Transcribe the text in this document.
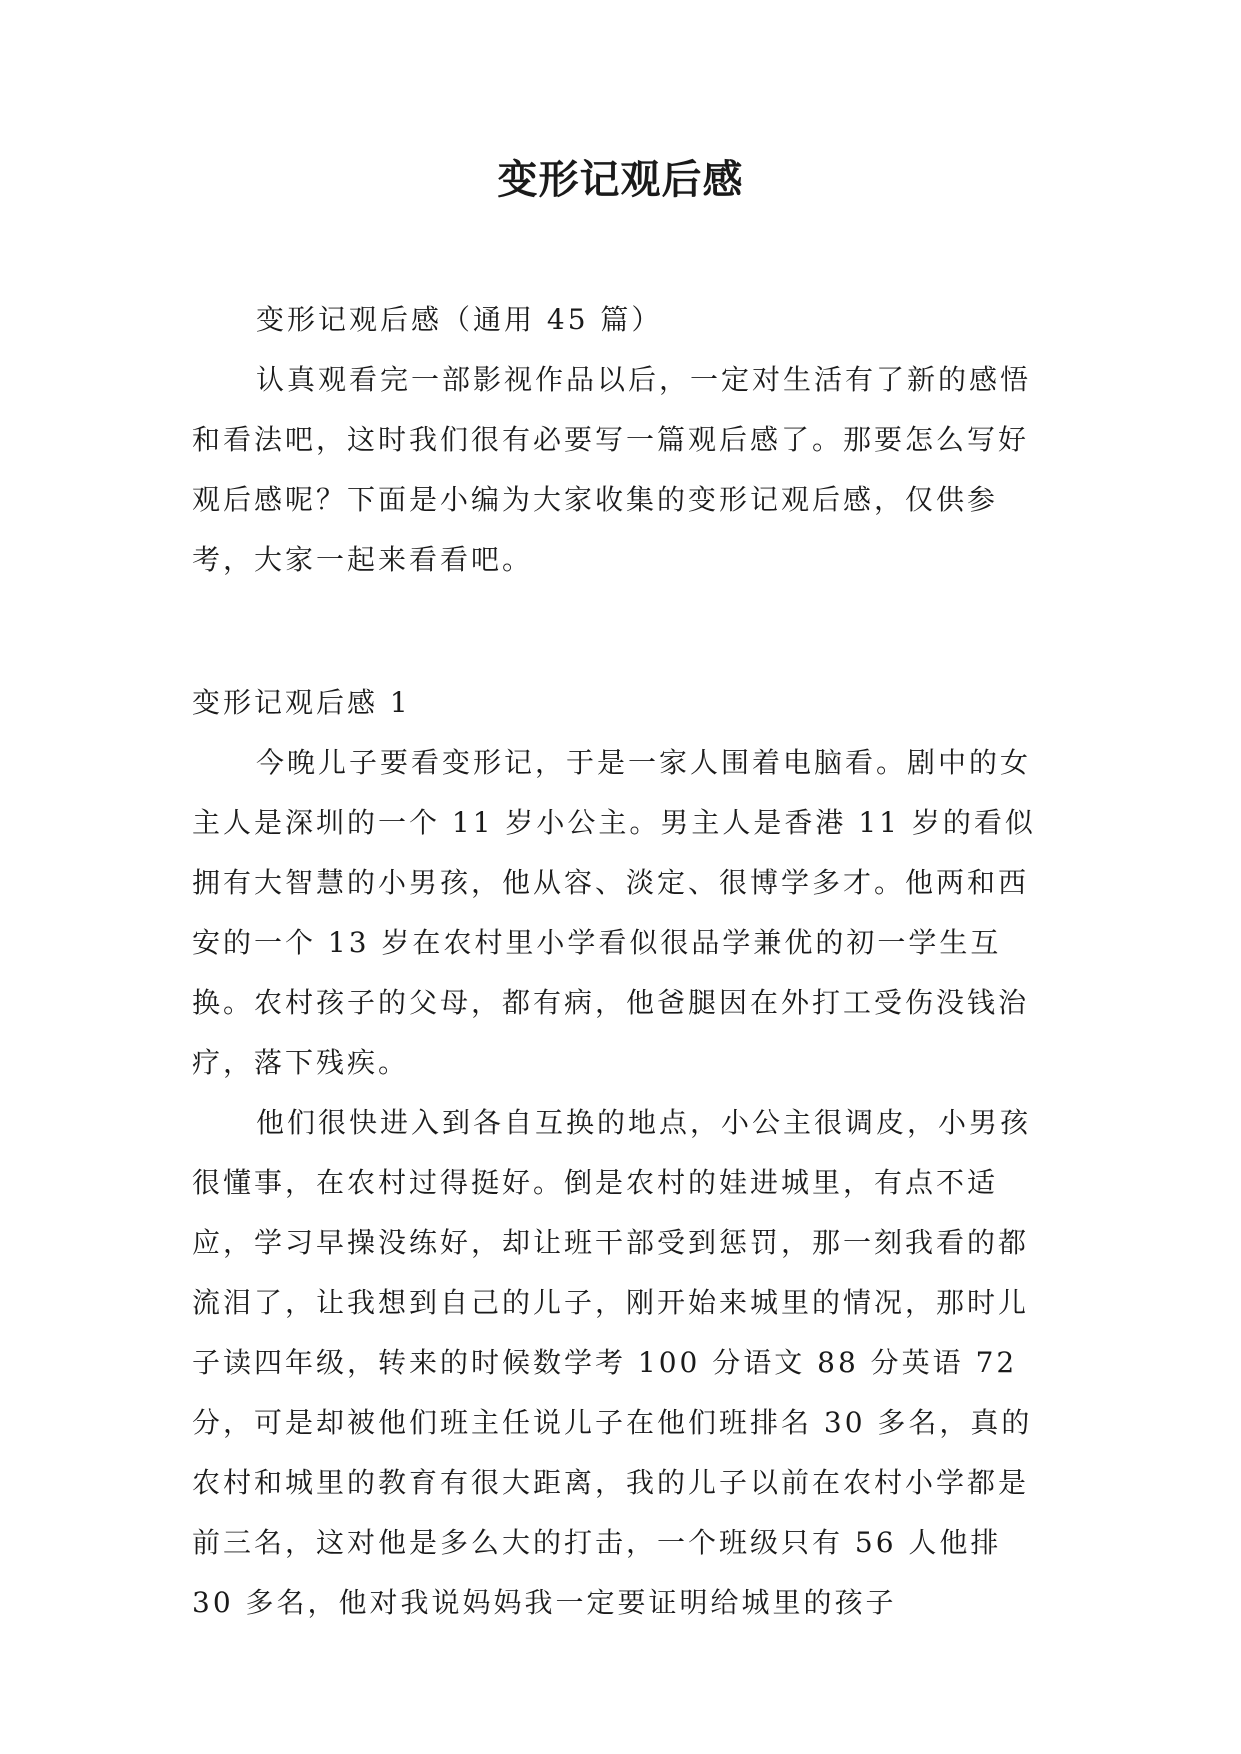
变形记观后感

变形记观后感（通用 45 篇）

认真观看完一部影视作品以后，一定对生活有了新的感悟和看法吧，这时我们很有必要写一篇观后感了。那要怎么写好观后感呢？下面是小编为大家收集的变形记观后感，仅供参考，大家一起来看看吧。

变形记观后感 1

今晚儿子要看变形记，于是一家人围着电脑看。剧中的女主人是深圳的一个 11 岁小公主。男主人是香港 11 岁的看似拥有大智慧的小男孩，他从容、淡定、很博学多才。他两和西安的一个 13 岁在农村里小学看似很品学兼优的初一学生互换。农村孩子的父母，都有病，他爸腿因在外打工受伤没钱治疗，落下残疾。

他们很快进入到各自互换的地点，小公主很调皮，小男孩很懂事，在农村过得挺好。倒是农村的娃进城里，有点不适应，学习早操没练好，却让班干部受到惩罚，那一刻我看的都流泪了，让我想到自己的儿子，刚开始来城里的情况，那时儿子读四年级，转来的时候数学考 100 分语文 88 分英语 72 分，可是却被他们班主任说儿子在他们班排名 30 多名，真的农村和城里的教育有很大距离，我的儿子以前在农村小学都是前三名，这对他是多么大的打击，一个班级只有 56 人他排 30 多名，他对我说妈妈我一定要证明给城里的孩子
